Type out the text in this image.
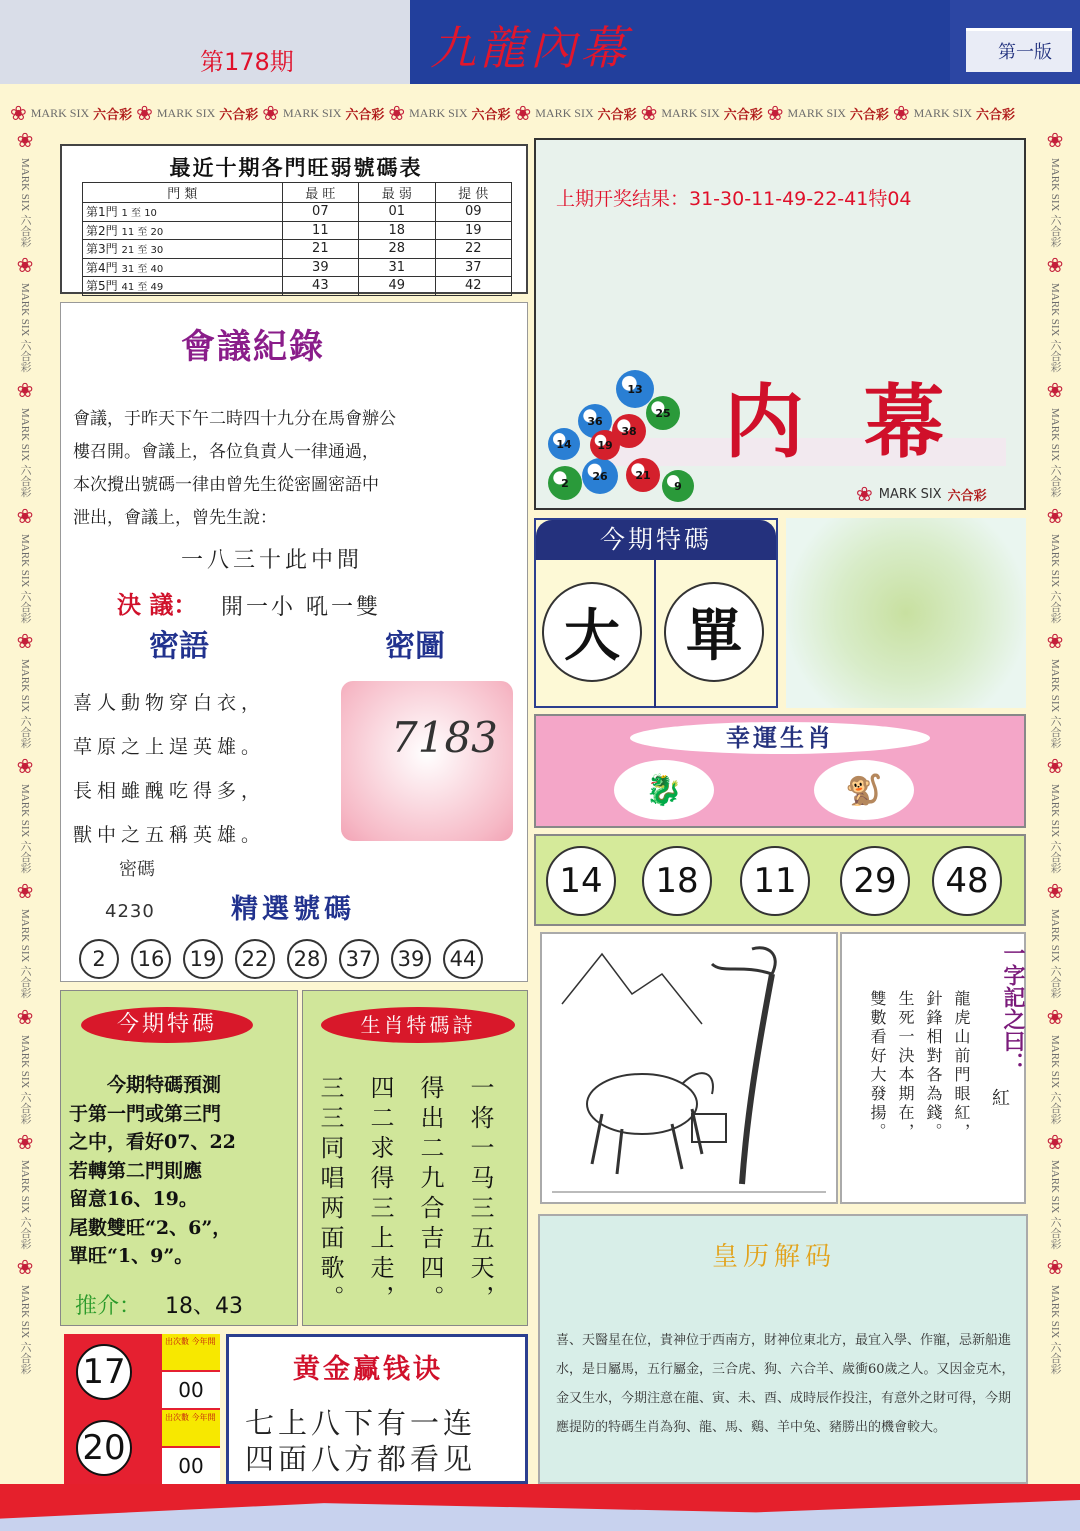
第178期	九龍內幕	第一版
❀ MARK SIX 六合彩 ❀ MARK SIX 六合彩 ❀ MARK SIX 六合彩 ❀ MARK SIX 六合彩 ❀ MARK SIX 六合彩 ❀ MARK SIX 六合彩 ❀ MARK SIX 六合彩 ❀ MARK SIX 六合彩
❀
MARK SIX 六合彩
❀
MARK SIX 六合彩
❀
MARK SIX 六合彩
❀
MARK SIX 六合彩
❀
MARK SIX 六合彩
❀
MARK SIX 六合彩
❀
MARK SIX 六合彩
❀
MARK SIX 六合彩
❀
MARK SIX 六合彩
❀
MARK SIX 六合彩
❀
MARK SIX 六合彩
❀
MARK SIX 六合彩
❀
MARK SIX 六合彩
❀
MARK SIX 六合彩
❀
MARK SIX 六合彩
❀
MARK SIX 六合彩
❀
MARK SIX 六合彩
❀
MARK SIX 六合彩
❀
MARK SIX 六合彩
❀
MARK SIX 六合彩
最近十期各門旺弱號碼表
門 類	最 旺	最 弱	提 供
第1門 1 至 10	07	01	09
第2門 11 至 20	11	18	19
第3門 21 至 30	21	28	22
第4門 31 至 40	39	31	37
第5門 41 至 49	43	49	42
會議紀錄
會議，于昨天下午二時四十九分在馬會辦公
樓召開。會議上，各位負責人一律通過，
本次攪出號碼一律由曾先生從密圖密語中
泄出，會議上，曾先生說：
一八三十此中間
決 議： 開一小 吼一雙
密語	密圖
喜人動物穿白衣，
草原之上逞英雄。
長相雖醜吃得多，
獸中之五稱英雄。
7183
密碼
4230	精選號碼
2	16	19	22	28	37	39	44
上期开奖结果：31-30-11-49-22-41特04
内幕
13
25
36
38
14
2
26	21
9
19
❀ MARK SIX 六合彩
今期特碼
大	單
幸運生肖
🐉	🐒
14	18	11	29	48
一字記之曰：
紅
龍虎山前門眼紅，
針鋒相對各為錢。
生死一決本期在，
雙數看好大發揚。
今期特碼
今期特碼預測
于第一門或第三門
之中，看好07、22
若轉第二門則應
留意16、19。
尾數雙旺“2、6”，
單旺“1、9”。
推介： 18、43
生肖特碼詩
一将一马三五天，
得出二九合吉四。
四二求得三上走，
三三同唱两面歌。
17
20
出次數 今年開
00
出次數 今年開
00
黄金赢钱诀
七上八下有一连
四面八方都看见
皇历解码
喜、天醫星在位，貴神位于西南方，財神位東北方，最宜入學、作寵，忌新船進水，是日屬馬，五行屬金，三合虎、狗、六合羊、歲衝60歲之人。又因金克木，金又生水，今期注意在龍、寅、未、酉、成時辰作投注，有意外之財可得，今期應提防的特碼生肖為狗、龍、馬、鷄、羊中兔、豬勝出的機會較大。
